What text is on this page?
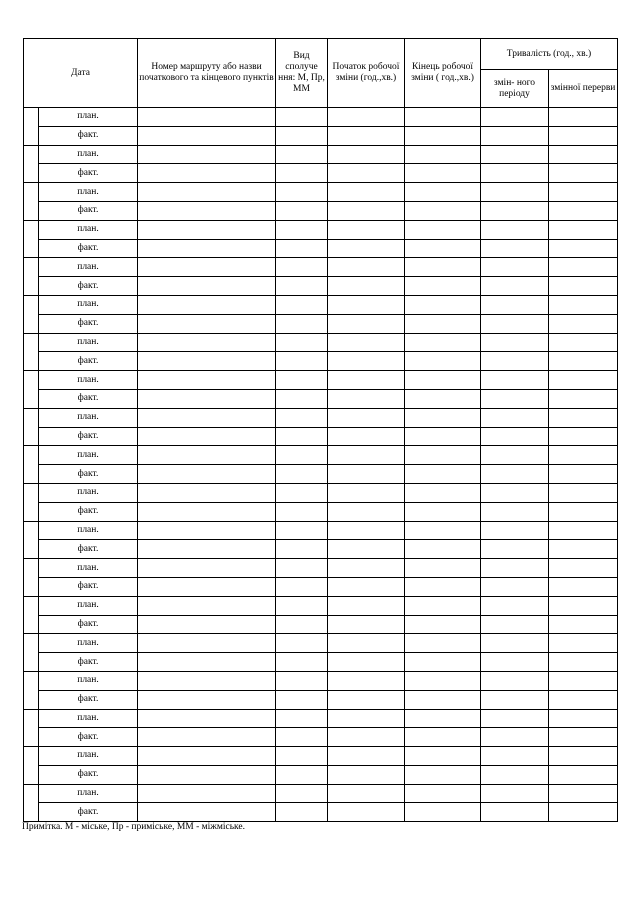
Дата		Номер маршруту або назви початкового та кінцевого пунктів	Вид сполуче ння: М, Пр, ММ	Початок робочої зміни (год.,хв.)	Кінець робочої зміни ( год.,хв.)	Тривалість (год., хв.)	
						змін- ного періоду	змінної перерви
	план.						
	факт.						
	план.						
	факт.						
	план.						
	факт.						
	план.						
	факт.						
	план.						
	факт.						
	план.						
	факт.						
	план.						
	факт.						
	план.						
	факт.						
	план.						
	факт.						
	план.						
	факт.						
	план.						
	факт.						
	план.						
	факт.						
	план.						
	факт.						
	план.						
	факт.						
	план.						
	факт.						
	план.						
	факт.						
	план.						
	факт.						
	план.						
	факт.						
	план.						
	факт.						
Примітка. М - міське, Пр - приміське, ММ - міжміське.
